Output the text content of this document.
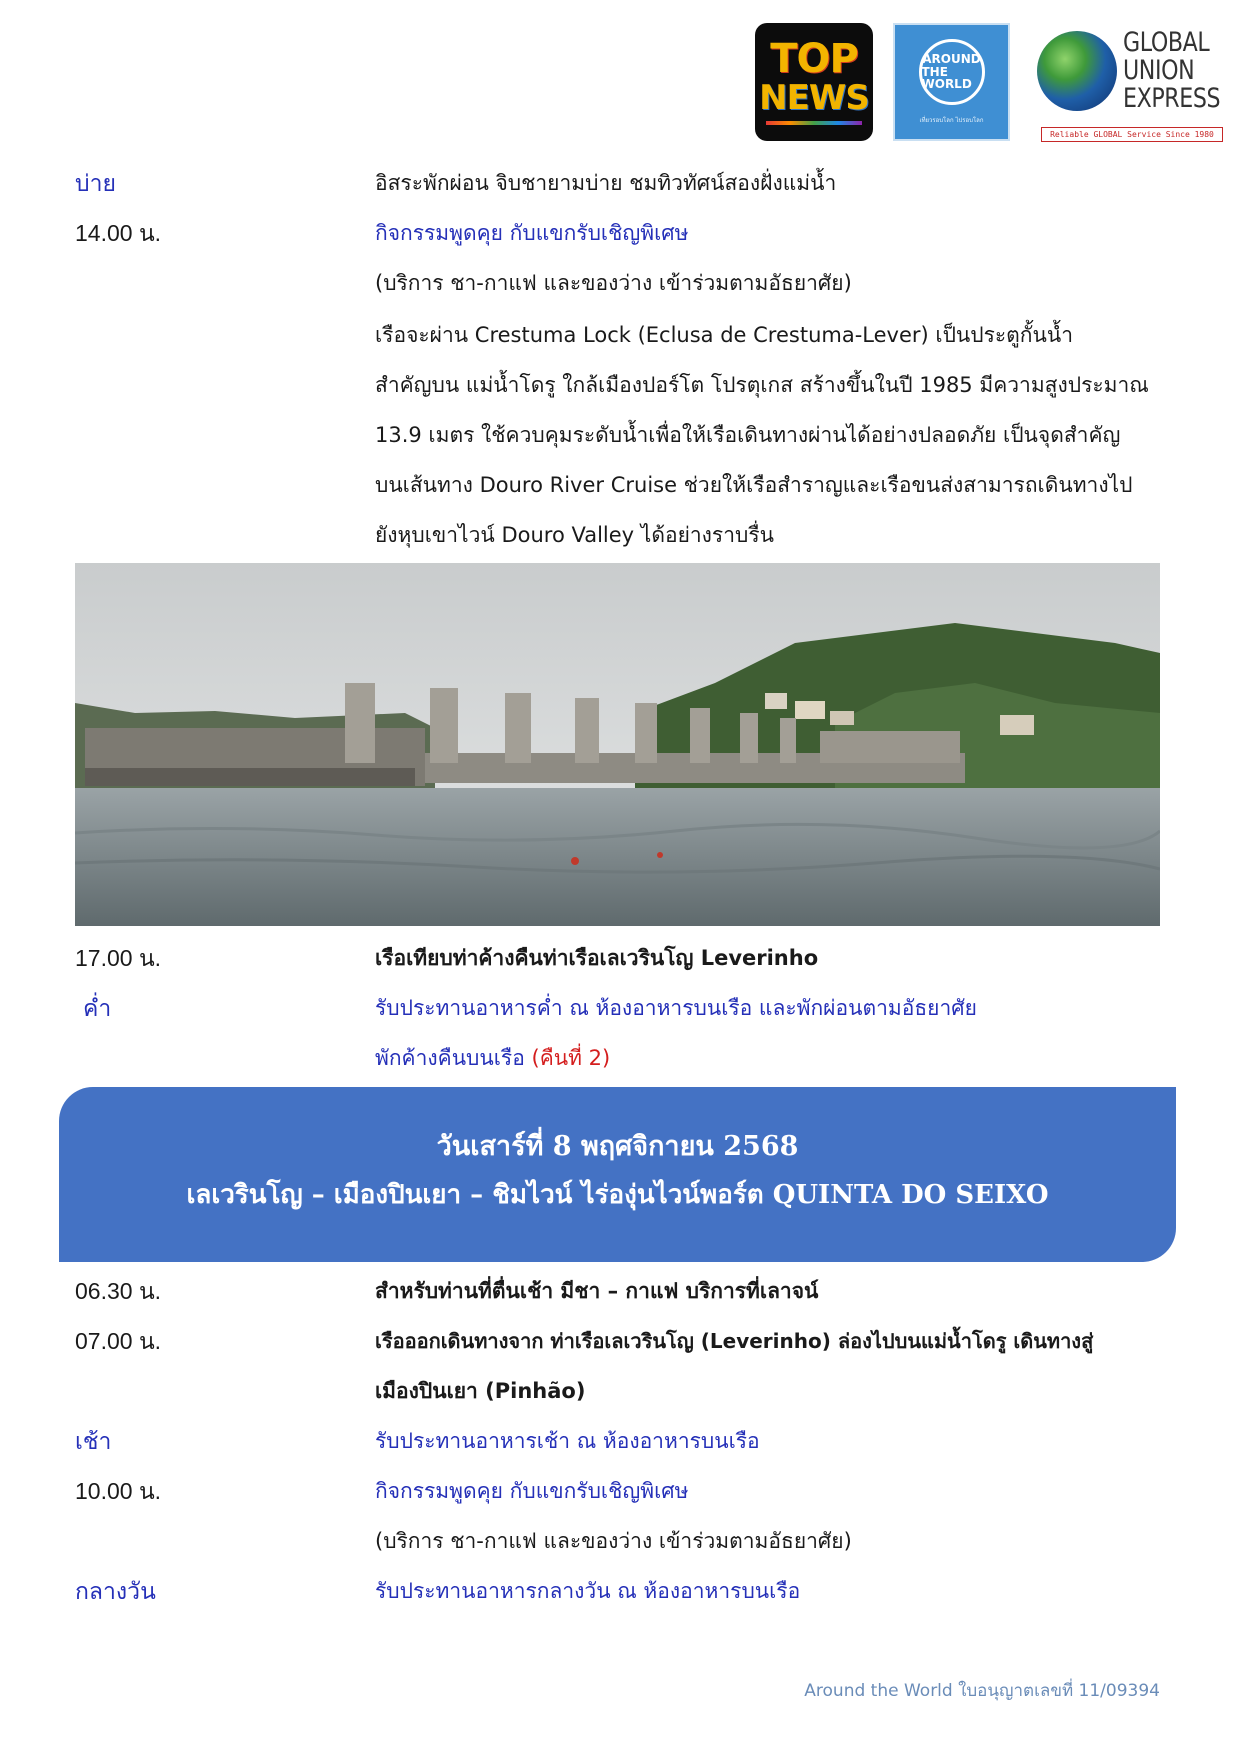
TOP
NEWS
AROUND
THE WORLD
เที่ยวรอบโลก ไปรอบโลก
GLOBAL
UNION
EXPRESS
Reliable GLOBAL Service Since 1980
บ่าย	อิสระพักผ่อน จิบชายามบ่าย ชมทิวทัศน์สองฝั่งแม่น้ำ
14.00 น.	กิจกรรมพูดคุย กับแขกรับเชิญพิเศษ
(บริการ ชา-กาแฟ และของว่าง เข้าร่วมตามอัธยาศัย)
เรือจะผ่าน Crestuma Lock (Eclusa de Crestuma-Lever) เป็นประตูกั้นน้ำ
สำคัญบน แม่น้ำโดรู ใกล้เมืองปอร์โต โปรตุเกส สร้างขึ้นในปี 1985 มีความสูงประมาณ
13.9 เมตร ใช้ควบคุมระดับน้ำเพื่อให้เรือเดินทางผ่านได้อย่างปลอดภัย เป็นจุดสำคัญ
บนเส้นทาง Douro River Cruise ช่วยให้เรือสำราญและเรือขนส่งสามารถเดินทางไป
ยังหุบเขาไวน์ Douro Valley ได้อย่างราบรื่น
17.00 น.	เรือเทียบท่าค้างคืนท่าเรือเลเวรินโญ Leverinho
ค่ำ	รับประทานอาหารค่ำ ณ ห้องอาหารบนเรือ และพักผ่อนตามอัธยาศัย
พักค้างคืนบนเรือ (คืนที่ 2)
วันเสาร์ที่ 8 พฤศจิกายน 2568
เลเวรินโญ – เมืองปินเยา – ชิมไวน์ ไร่องุ่นไวน์พอร์ต QUINTA DO SEIXO
06.30 น.	สำหรับท่านที่ตื่นเช้า มีชา – กาแฟ บริการที่เลาจน์
07.00 น.	เรือออกเดินทางจาก ท่าเรือเลเวรินโญ (Leverinho) ล่องไปบนแม่น้ำโดรู เดินทางสู่
เมืองปินเยา (Pinhão)
เช้า	รับประทานอาหารเช้า ณ ห้องอาหารบนเรือ
10.00 น.	กิจกรรมพูดคุย กับแขกรับเชิญพิเศษ
(บริการ ชา-กาแฟ และของว่าง เข้าร่วมตามอัธยาศัย)
กลางวัน	รับประทานอาหารกลางวัน ณ ห้องอาหารบนเรือ
Around the World ใบอนุญาตเลขที่ 11/09394
